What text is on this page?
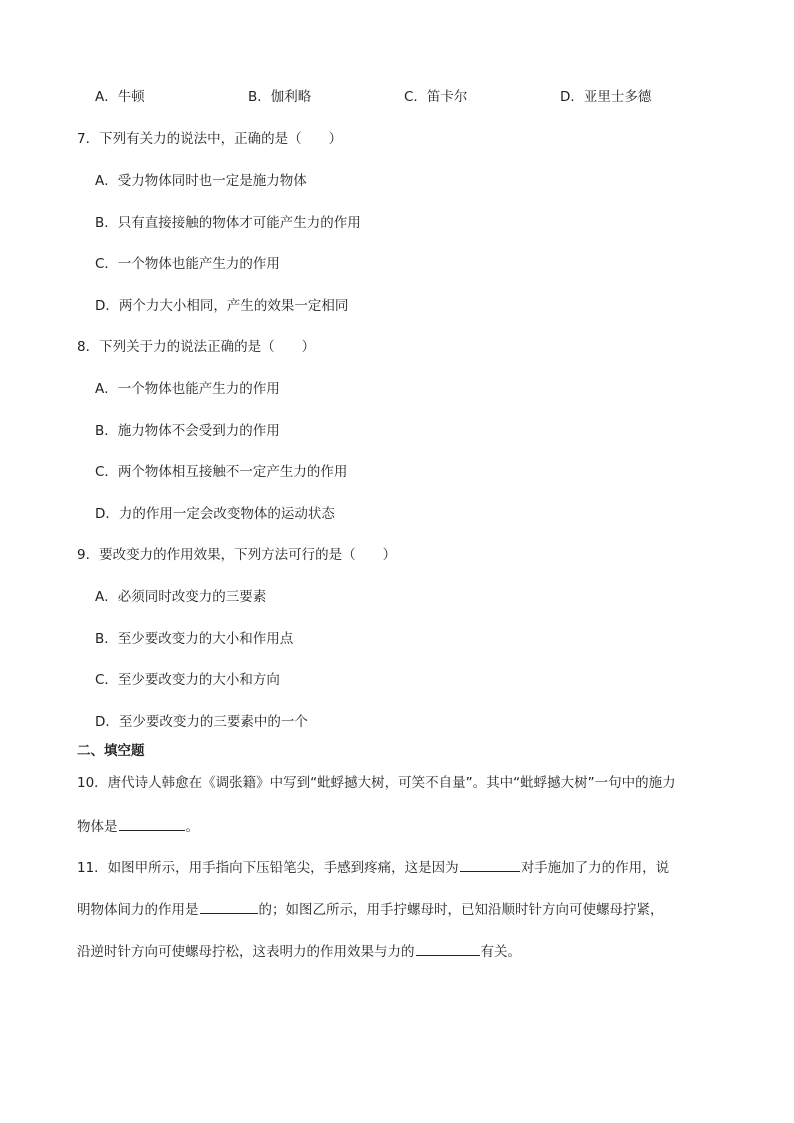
A．牛顿	B．伽利略	C．笛卡尔	D．亚里士多德
7．下列有关力的说法中，正确的是（　　）
A．受力物体同时也一定是施力物体
B．只有直接接触的物体才可能产生力的作用
C．一个物体也能产生力的作用
D．两个力大小相同，产生的效果一定相同
8．下列关于力的说法正确的是（　　）
A．一个物体也能产生力的作用
B．施力物体不会受到力的作用
C．两个物体相互接触不一定产生力的作用
D．力的作用一定会改变物体的运动状态
9．要改变力的作用效果，下列方法可行的是（　　）
A．必须同时改变力的三要素
B．至少要改变力的大小和作用点
C．至少要改变力的大小和方向
D．至少要改变力的三要素中的一个
二、填空题
10．唐代诗人韩愈在《调张籍》中写到“蚍蜉撼大树，可笑不自量”。其中“蚍蜉撼大树”一句中的施力
物体是	。
11．如图甲所示，用手指向下压铅笔尖，手感到疼痛，这是因为	对手施加了力的作用，说
明物体间力的作用是	的；如图乙所示，用手拧螺母时，已知沿顺时针方向可使螺母拧紧，
沿逆时针方向可使螺母拧松，这表明力的作用效果与力的	有关。
